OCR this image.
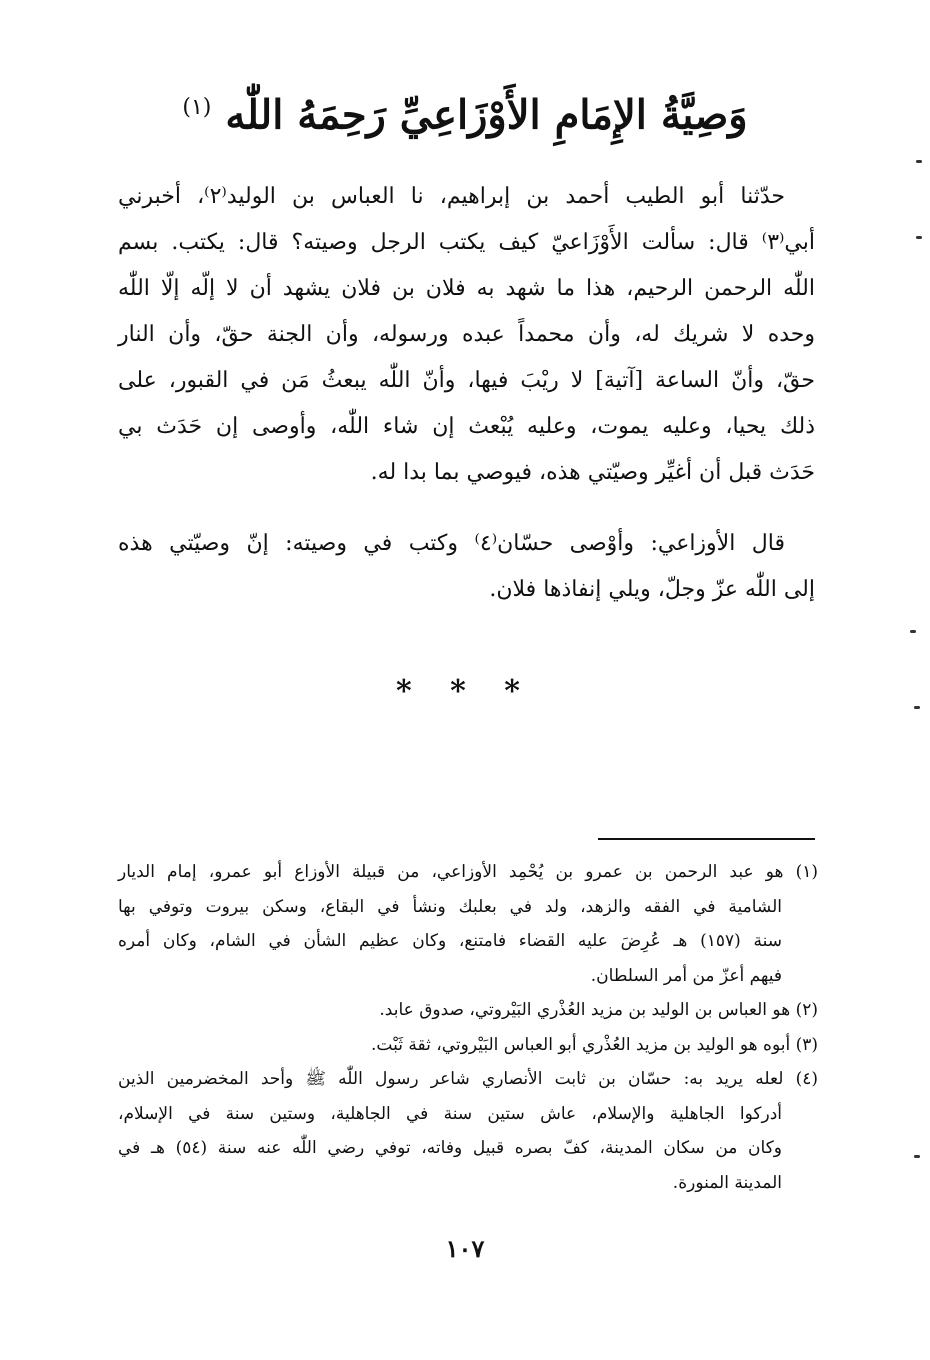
وَصِيَّةُ الإِمَامِ الأَوْزَاعِيِّ رَحِمَهُ اللّٰه $^{(١)}$
حدّثنا أبو الطيب أحمد بن إبراهيم، نا العباس بن الوليد⁽٢⁾، أخبرني
أبي⁽٣⁾ قال: سألت الأَوْزَاعيّ كيف يكتب الرجل وصيته؟ قال: يكتب. بسم
اللّٰه الرحمن الرحيم، هذا ما شهد به فلان بن فلان يشهد أن لا إلّه إلّا اللّٰه
وحده لا شريك له، وأن محمداً عبده ورسوله، وأن الجنة حقّ، وأن النار
حقّ، وأنّ الساعة [آتية] لا ريْبَ فيها، وأنّ اللّٰه يبعثُ مَن في القبور، على
ذلك يحيا، وعليه يموت، وعليه يُبْعث إن شاء اللّٰه، وأوصى إن حَدَث بي
حَدَث قبل أن أغيِّر وصيّتي هذه، فيوصي بما بدا له.
قال الأوزاعي: وأوْصى حسّان⁽٤⁾ وكتب في وصيته: إنّ وصيّتي هذه
إلى اللّٰه عزّ وجلّ، ويلي إنفاذها فلان.
* * *
(١) هو عبد الرحمن بن عمرو بن يُحْمِد الأوزاعي، من قبيلة الأوزاع أبو عمرو، إمام الديار
الشامية في الفقه والزهد، ولد في بعلبك ونشأ في البقاع، وسكن بيروت وتوفي بها
سنة (١٥٧) هـ عُرِضَ عليه القضاء فامتنع، وكان عظيم الشأن في الشام، وكان أمره
فيهم أعزّ من أمر السلطان.
(٢) هو العباس بن الوليد بن مزيد العُذْري البَيْروتي، صدوق عابد.
(٣) أبوه هو الوليد بن مزيد العُذْري أبو العباس البَيْروتي، ثقة ثَبْت.
(٤) لعله يريد به: حسّان بن ثابت الأنصاري شاعر رسول اللّٰه ﷺ وأحد المخضرمين الذين
أدركوا الجاهلية والإسلام، عاش ستين سنة في الجاهلية، وستين سنة في الإسلام،
وكان من سكان المدينة، كفّ بصره قبيل وفاته، توفي رضي اللّٰه عنه سنة (٥٤) هـ في
المدينة المنورة.
١٠٧
